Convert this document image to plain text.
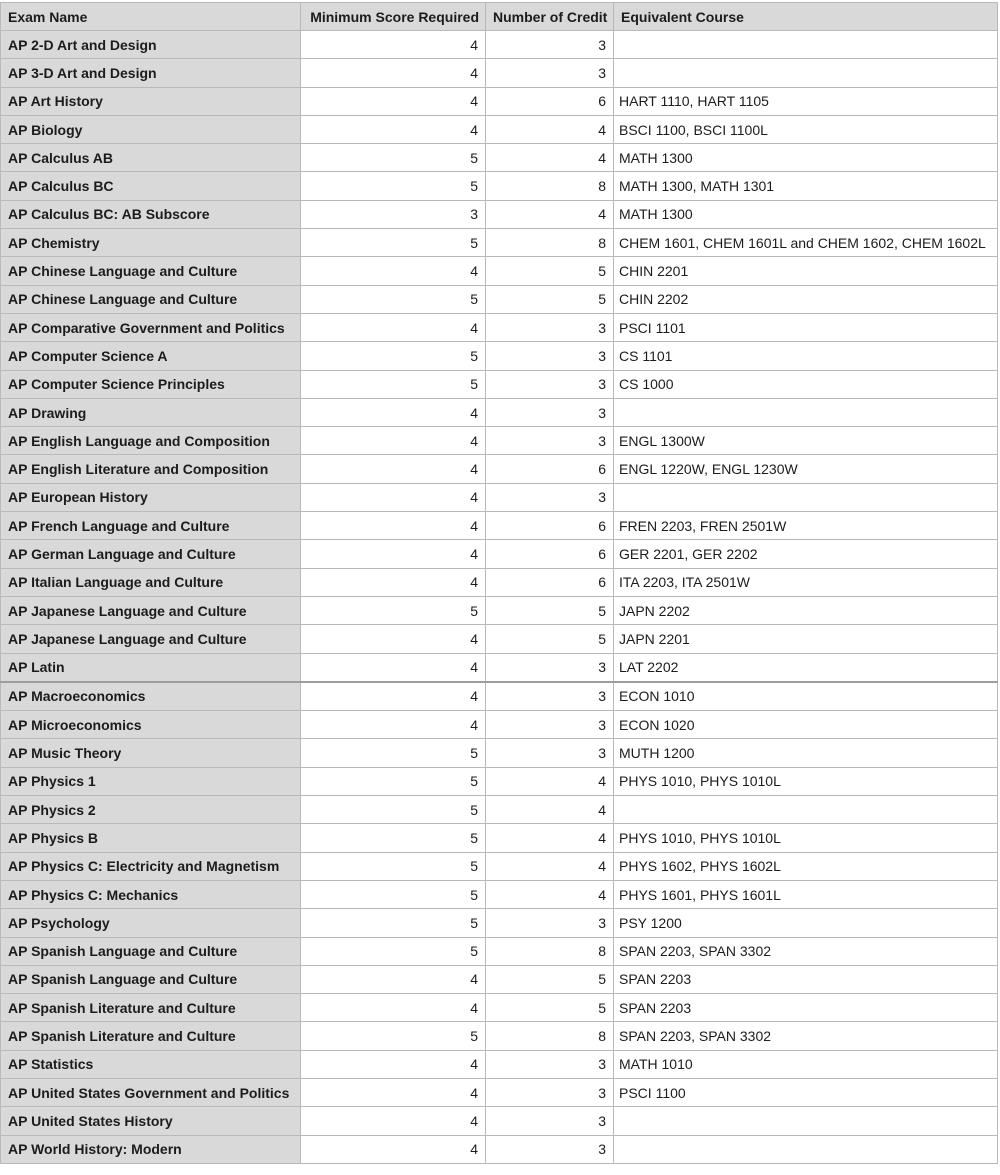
Exam Name	Minimum Score Required	Number of Credit	Equivalent Course
AP 2-D Art and Design	4	3	
AP 3-D Art and Design	4	3	
AP Art History	4	6	HART 1110, HART 1105
AP Biology	4	4	BSCI 1100, BSCI 1100L
AP Calculus AB	5	4	MATH 1300
AP Calculus BC	5	8	MATH 1300, MATH 1301
AP Calculus BC: AB Subscore	3	4	MATH 1300
AP Chemistry	5	8	CHEM 1601, CHEM 1601L and CHEM 1602, CHEM 1602L
AP Chinese Language and Culture	4	5	CHIN 2201
AP Chinese Language and Culture	5	5	CHIN 2202
AP Comparative Government and Politics	4	3	PSCI 1101
AP Computer Science A	5	3	CS 1101
AP Computer Science Principles	5	3	CS 1000
AP Drawing	4	3	
AP English Language and Composition	4	3	ENGL 1300W
AP English Literature and Composition	4	6	ENGL 1220W, ENGL 1230W
AP European History	4	3	
AP French Language and Culture	4	6	FREN 2203, FREN 2501W
AP German Language and Culture	4	6	GER 2201, GER 2202
AP Italian Language and Culture	4	6	ITA 2203, ITA 2501W
AP Japanese Language and Culture	5	5	JAPN 2202
AP Japanese Language and Culture	4	5	JAPN 2201
AP Latin	4	3	LAT 2202
AP Macroeconomics	4	3	ECON 1010
AP Microeconomics	4	3	ECON 1020
AP Music Theory	5	3	MUTH 1200
AP Physics 1	5	4	PHYS 1010, PHYS 1010L
AP Physics 2	5	4	
AP Physics B	5	4	PHYS 1010, PHYS 1010L
AP Physics C: Electricity and Magnetism	5	4	PHYS 1602, PHYS 1602L
AP Physics C: Mechanics	5	4	PHYS 1601, PHYS 1601L
AP Psychology	5	3	PSY 1200
AP Spanish Language and Culture	5	8	SPAN 2203, SPAN 3302
AP Spanish Language and Culture	4	5	SPAN 2203
AP Spanish Literature and Culture	4	5	SPAN 2203
AP Spanish Literature and Culture	5	8	SPAN 2203, SPAN 3302
AP Statistics	4	3	MATH 1010
AP United States Government and Politics	4	3	PSCI 1100
AP United States History	4	3	
AP World History: Modern	4	3	
